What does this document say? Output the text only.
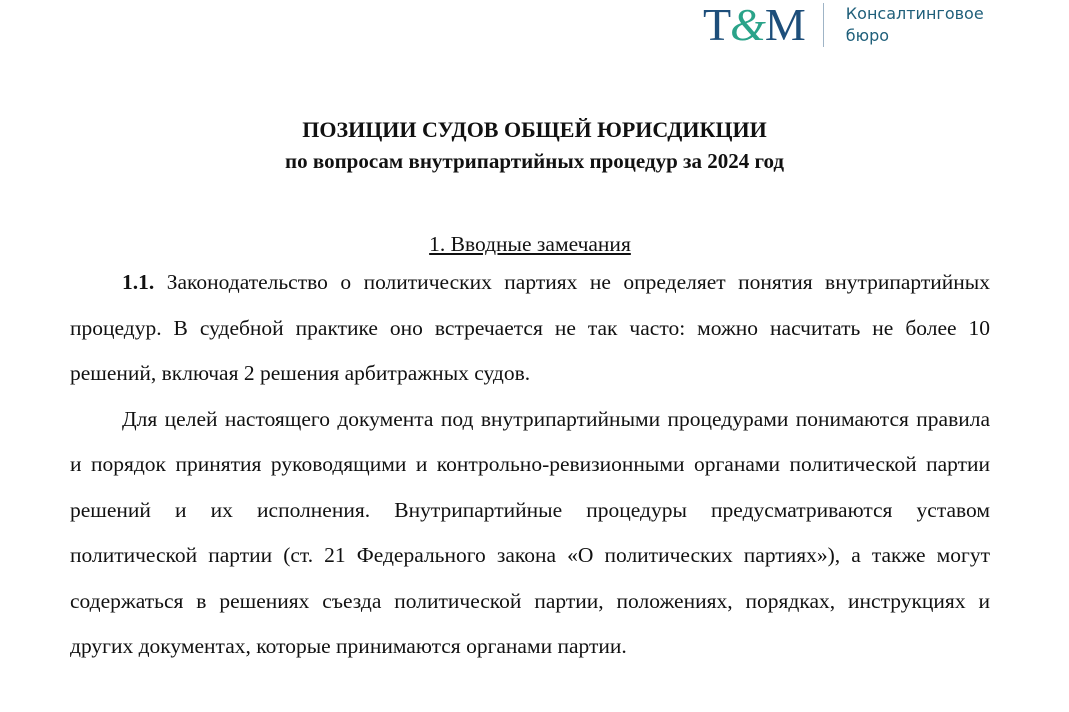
T&M	Консалтинговое
бюро
ПОЗИЦИИ СУДОВ ОБЩЕЙ ЮРИСДИКЦИИ
по вопросам внутрипартийных процедур за 2024 год
1. Вводные замечания

1.1. Законодательство о политических партиях не определяет понятия внутрипартийных процедур. В судебной практике оно встречается не так часто: можно насчитать не более 10 решений, включая 2 решения арбитражных судов.

Для целей настоящего документа под внутрипартийными процедурами понимаются правила и порядок принятия руководящими и контрольно-ревизионными органами политической партии решений и их исполнения. Внутрипартийные процедуры предусматриваются уставом политической партии (ст. 21 Федерального закона «О политических партиях»), а также могут содержаться в решениях съезда политической партии, положениях, порядках, инструкциях и других документах, которые принимаются органами партии.
